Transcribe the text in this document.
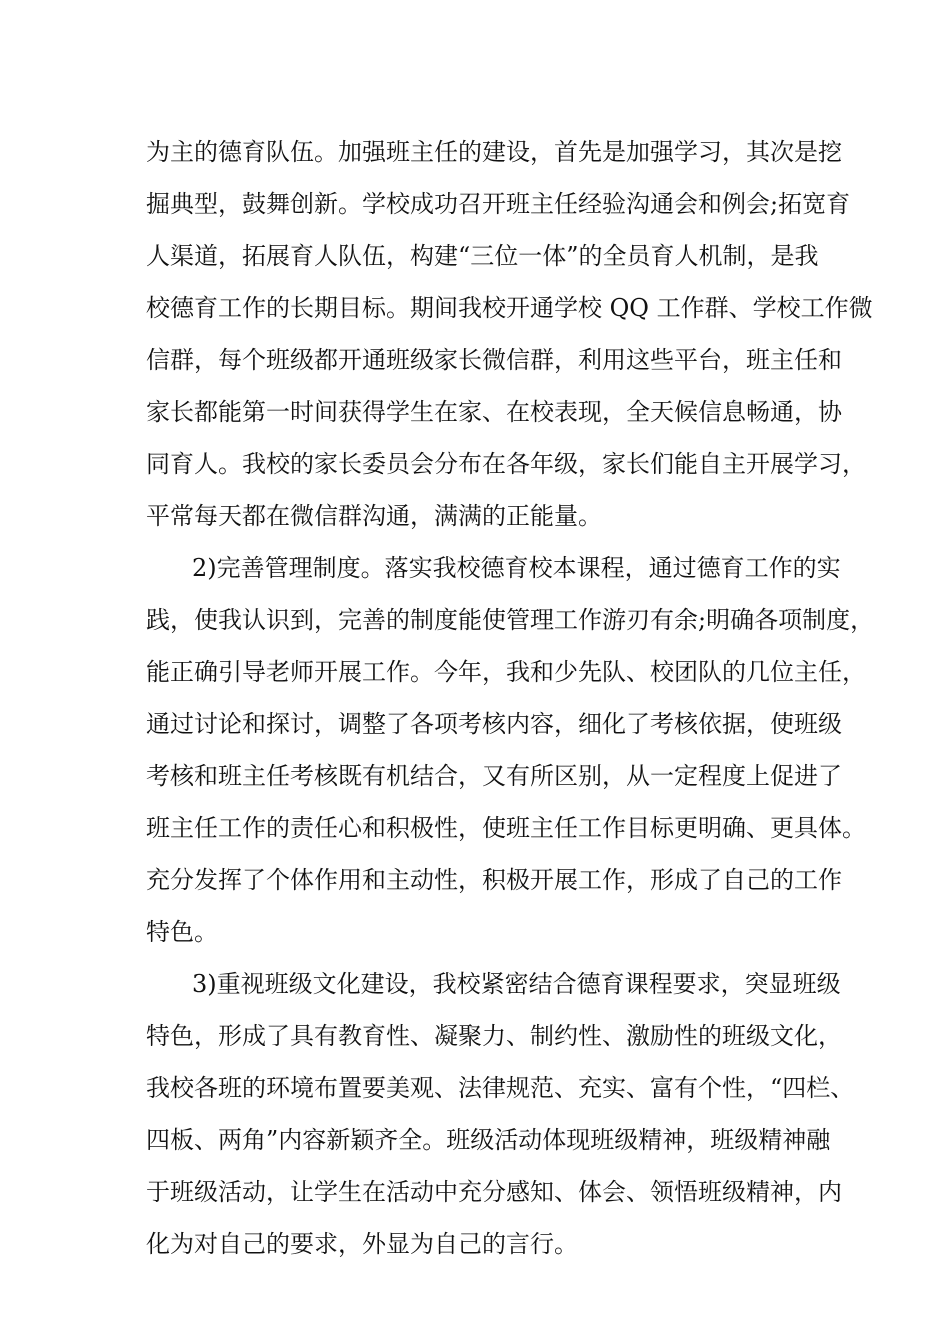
为主的德育队伍。加强班主任的建设，首先是加强学习，其次是挖
掘典型，鼓舞创新。学校成功召开班主任经验沟通会和例会;拓宽育
人渠道，拓展育人队伍，构建“三位一体”的全员育人机制，是我
校德育工作的长期目标。期间我校开通学校 QQ 工作群、学校工作微
信群，每个班级都开通班级家长微信群，利用这些平台，班主任和
家长都能第一时间获得学生在家、在校表现，全天候信息畅通，协
同育人。我校的家长委员会分布在各年级，家长们能自主开展学习，
平常每天都在微信群沟通，满满的正能量。
2)完善管理制度。落实我校德育校本课程，通过德育工作的实
践，使我认识到，完善的制度能使管理工作游刃有余;明确各项制度，
能正确引导老师开展工作。今年，我和少先队、校团队的几位主任，
通过讨论和探讨，调整了各项考核内容，细化了考核依据，使班级
考核和班主任考核既有机结合，又有所区别，从一定程度上促进了
班主任工作的责任心和积极性，使班主任工作目标更明确、更具体。
充分发挥了个体作用和主动性，积极开展工作，形成了自己的工作
特色。
3)重视班级文化建设，我校紧密结合德育课程要求，突显班级
特色，形成了具有教育性、凝聚力、制约性、激励性的班级文化，
我校各班的环境布置要美观、法律规范、充实、富有个性，“四栏、
四板、两角”内容新颖齐全。班级活动体现班级精神，班级精神融
于班级活动，让学生在活动中充分感知、体会、领悟班级精神，内
化为对自己的要求，外显为自己的言行。
